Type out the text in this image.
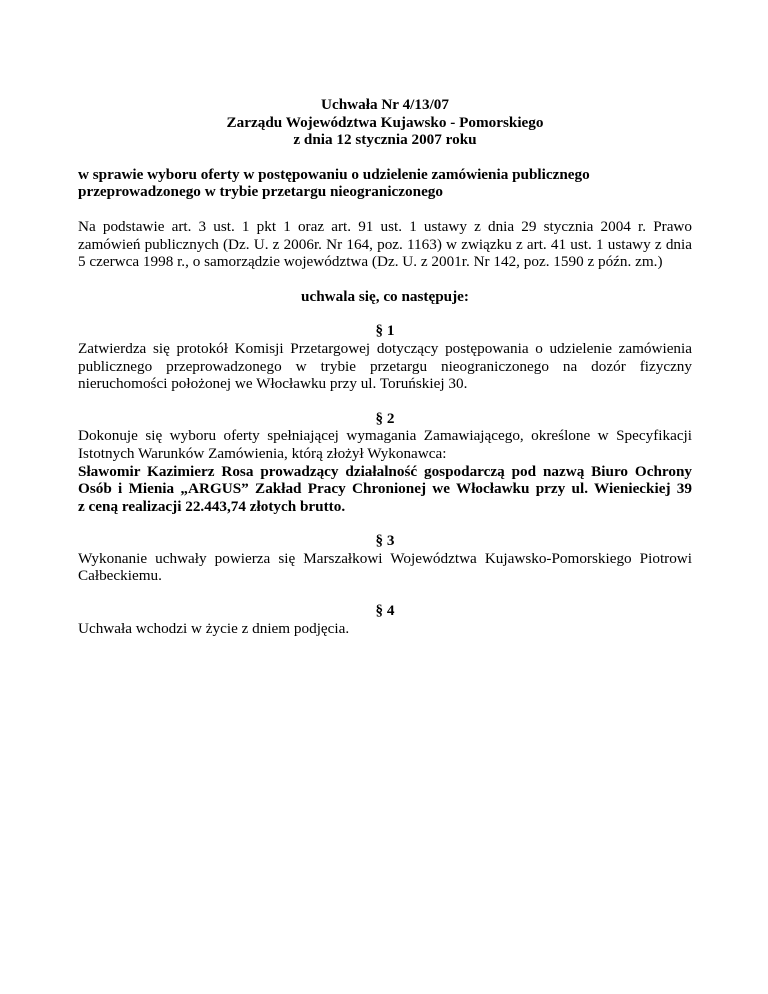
Uchwała Nr 4/13/07
Zarządu Województwa Kujawsko - Pomorskiego
z dnia 12 stycznia 2007 roku
w sprawie wyboru oferty w postępowaniu o udzielenie zamówienia publicznego
przeprowadzonego w trybie przetargu nieograniczonego
Na podstawie art. 3 ust. 1 pkt 1 oraz art. 91 ust. 1 ustawy z dnia 29 stycznia 2004 r. Prawo
zamówień publicznych (Dz. U. z 2006r. Nr 164, poz. 1163) w związku z art. 41 ust. 1 ustawy z dnia
5 czerwca 1998 r., o samorządzie województwa (Dz. U. z 2001r. Nr 142, poz. 1590 z późn. zm.)
uchwala się, co następuje:
§ 1
Zatwierdza się protokół Komisji Przetargowej dotyczący postępowania o udzielenie zamówienia
publicznego przeprowadzonego w trybie przetargu nieograniczonego na dozór fizyczny
nieruchomości położonej we Włocławku przy ul. Toruńskiej 30.
§ 2
Dokonuje się wyboru oferty spełniającej wymagania Zamawiającego, określone w Specyfikacji
Istotnych Warunków Zamówienia, którą złożył Wykonawca:
Sławomir Kazimierz Rosa prowadzący działalność gospodarczą pod nazwą Biuro Ochrony
Osób i Mienia „ARGUS” Zakład Pracy Chronionej we Włocławku przy ul. Wienieckiej 39
z ceną realizacji 22.443,74 złotych brutto.
§ 3
Wykonanie uchwały powierza się Marszałkowi Województwa Kujawsko-Pomorskiego Piotrowi
Całbeckiemu.
§ 4
Uchwała wchodzi w życie z dniem podjęcia.
